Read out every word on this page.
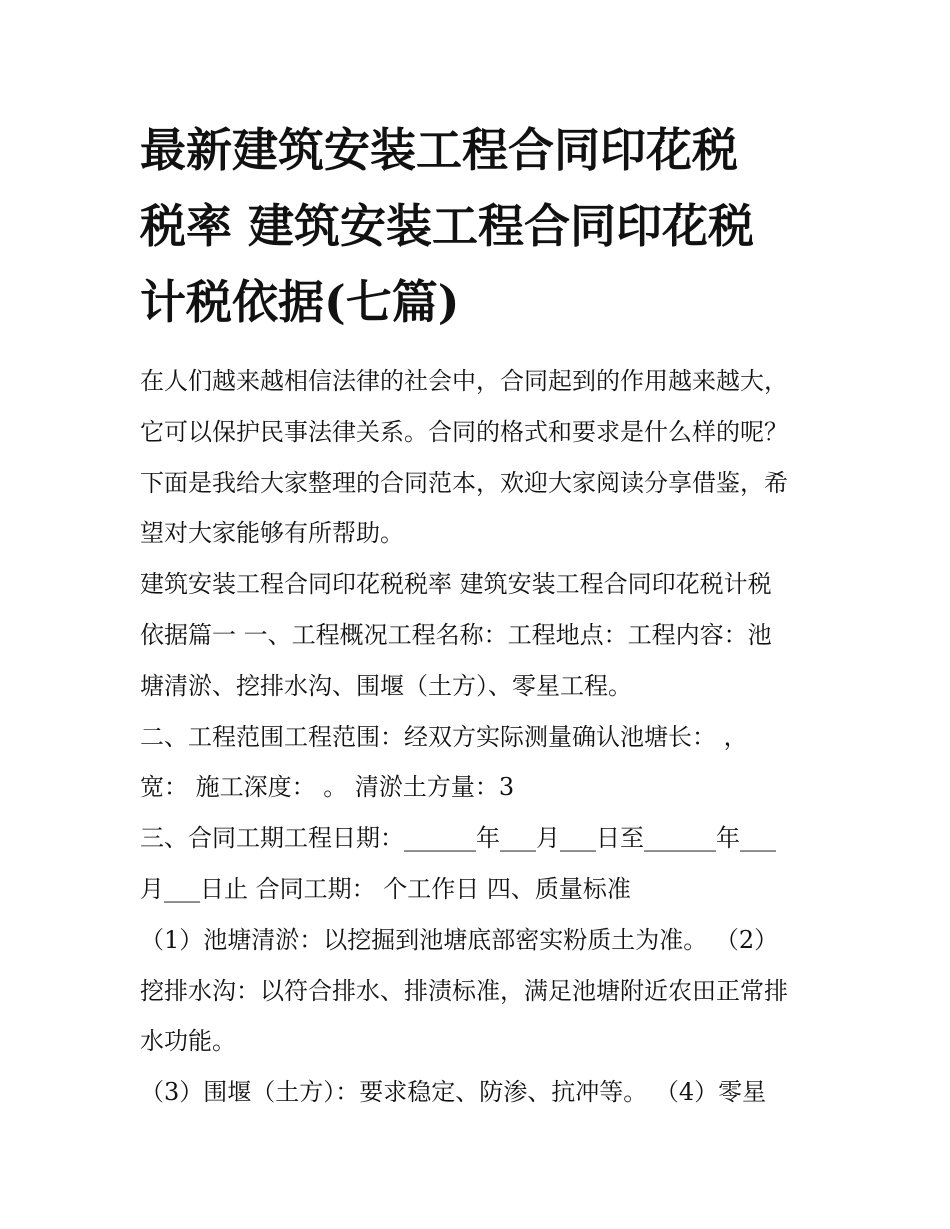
最新建筑安装工程合同印花税
税率 建筑安装工程合同印花税
计税依据(七篇)
在人们越来越相信法律的社会中，合同起到的作用越来越大，
它可以保护民事法律关系。合同的格式和要求是什么样的呢？
下面是我给大家整理的合同范本，欢迎大家阅读分享借鉴，希
望对大家能够有所帮助。
建筑安装工程合同印花税税率 建筑安装工程合同印花税计税
依据篇一 一、工程概况工程名称：工程地点：工程内容：池
塘清淤、挖排水沟、围堰（土方）、零星工程。
二、工程范围工程范围：经双方实际测量确认池塘长： ，
宽： 施工深度： 。 清淤土方量：3
三、合同工期工程日期：______年___月___日至______年___
月___日止 合同工期： 个工作日 四、质量标准
（1）池塘清淤：以挖掘到池塘底部密实粉质土为准。 （2）
挖排水沟：以符合排水、排渍标准，满足池塘附近农田正常排
水功能。
（3）围堰（土方）：要求稳定、防渗、抗冲等。 （4）零星
